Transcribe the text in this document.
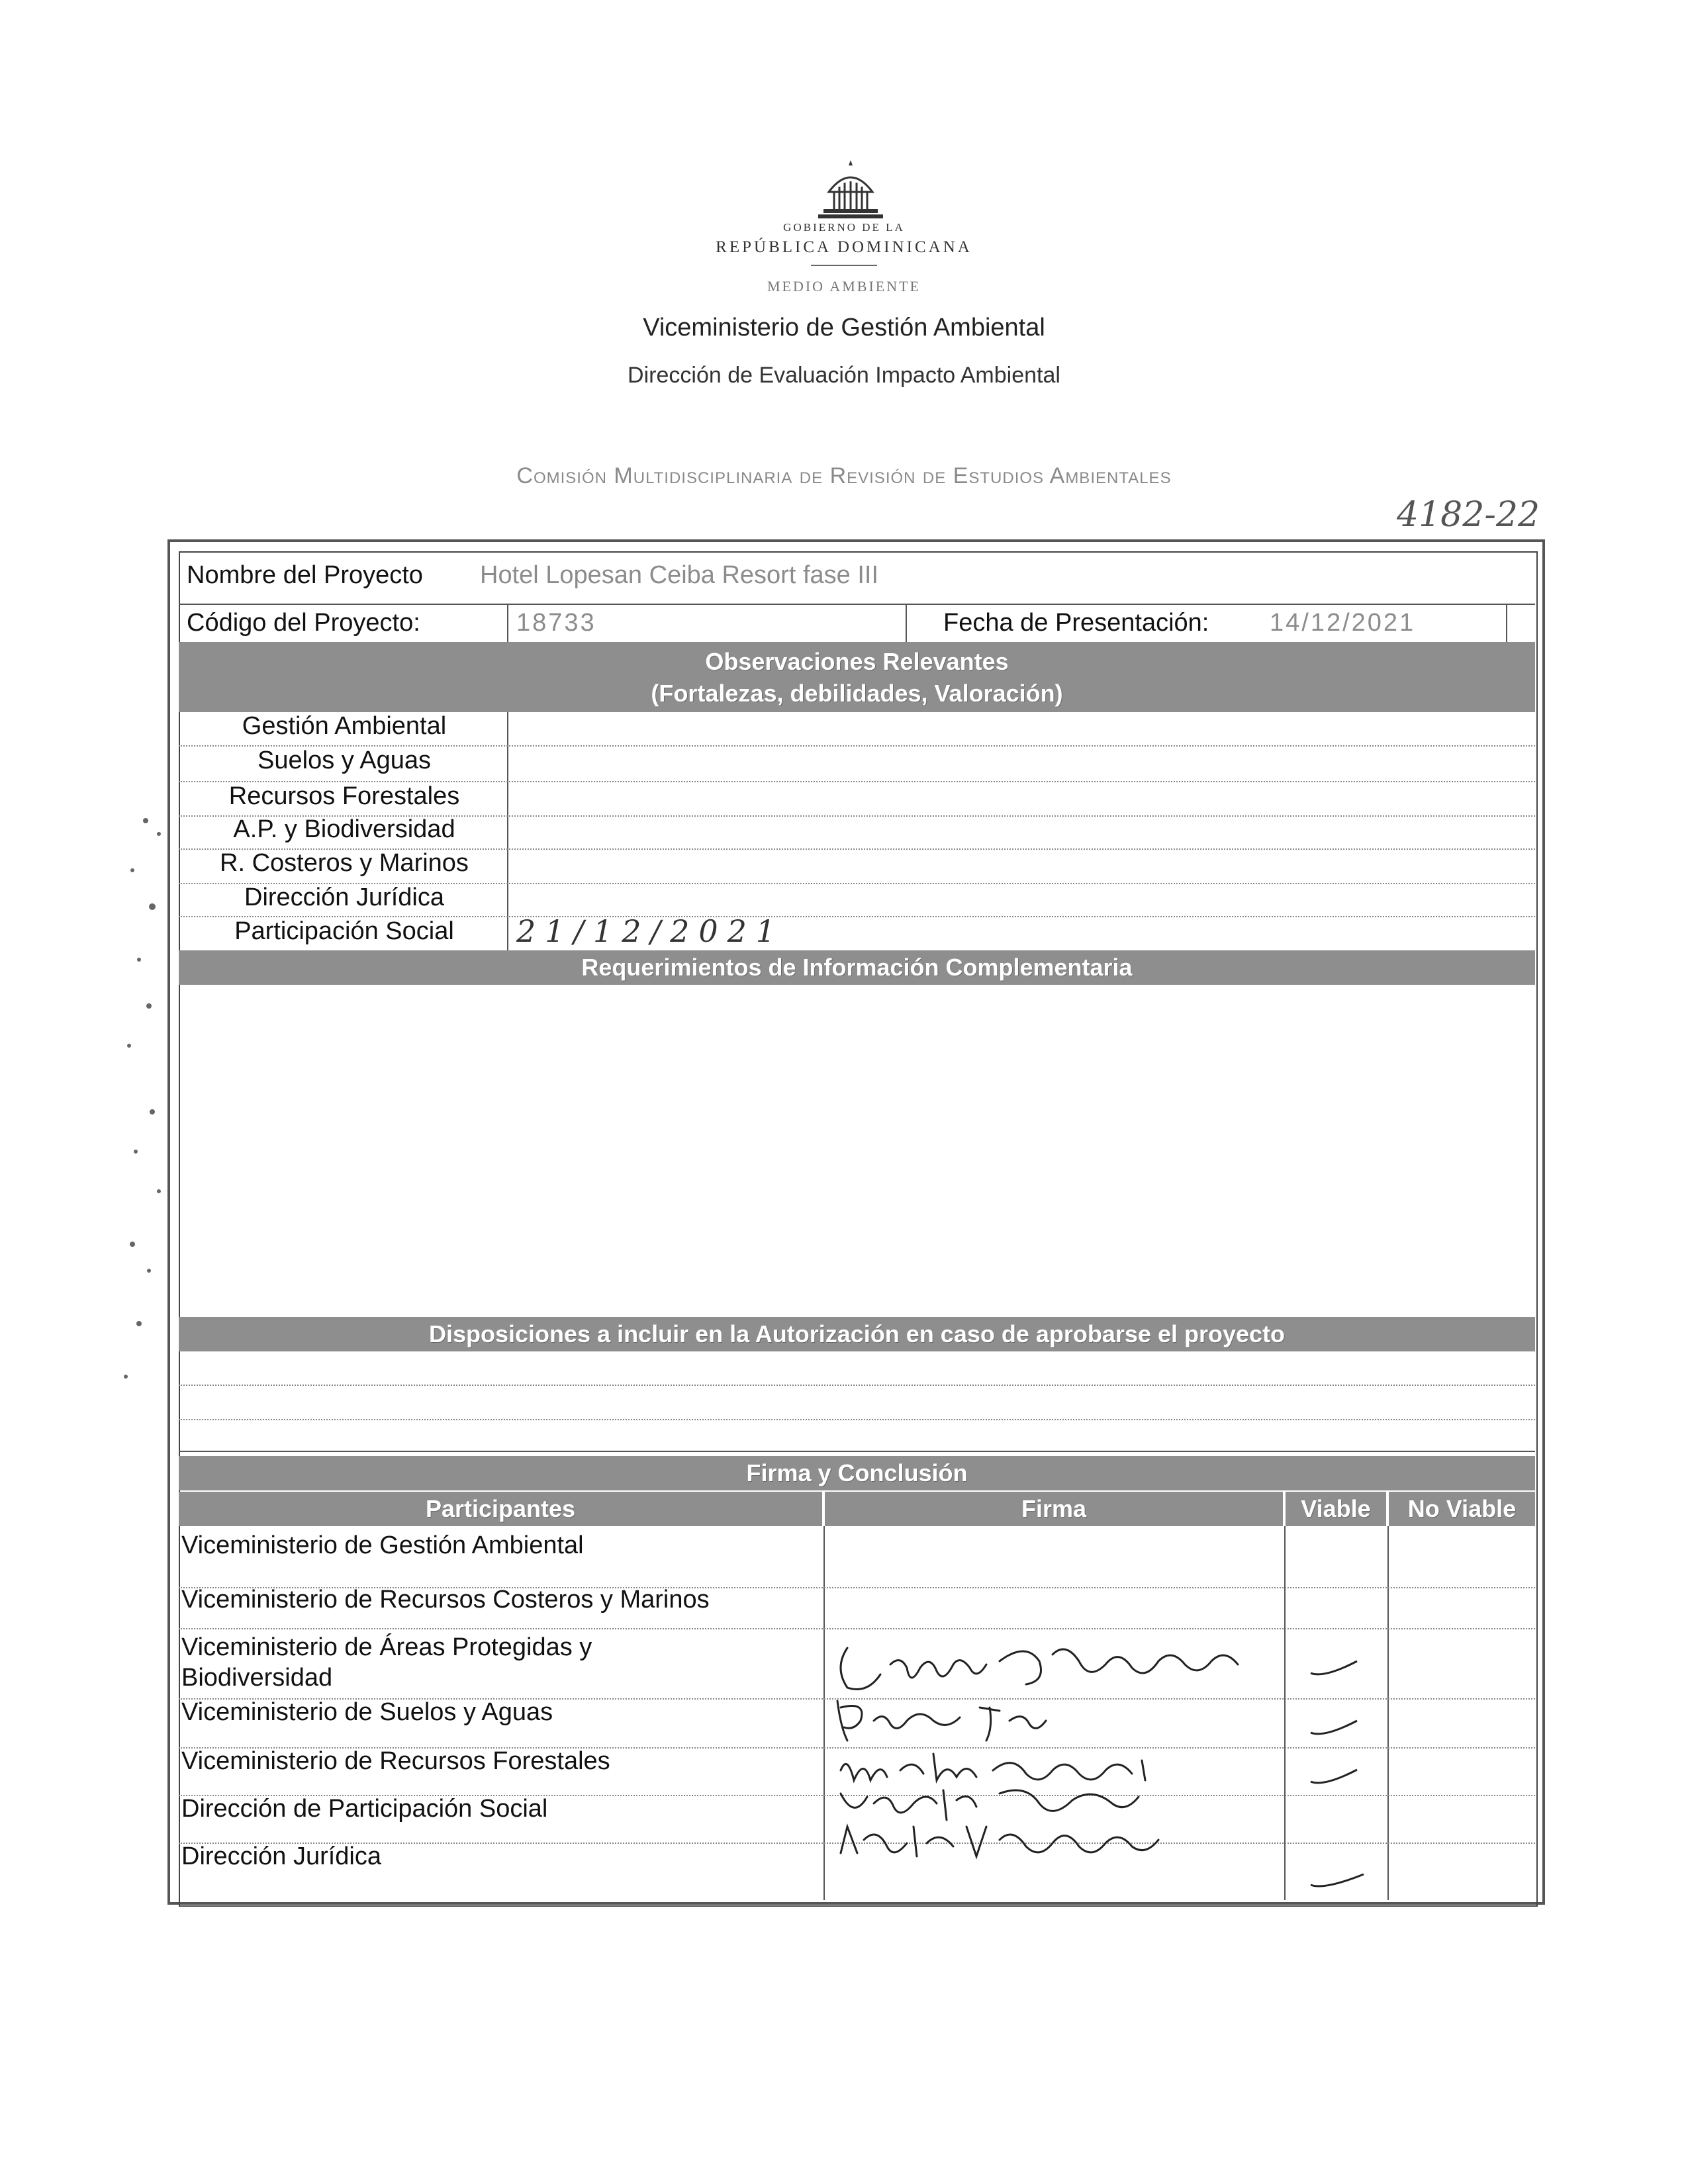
GOBIERNO DE LA
REPÚBLICA DOMINICANA
MEDIO AMBIENTE
Viceministerio de Gestión Ambiental
Dirección de Evaluación Impacto Ambiental
Comisión Multidisciplinaria de Revisión de Estudios Ambientales
4182-22
Nombre del Proyecto Hotel Lopesan Ceiba Resort fase III
Código del Proyecto:	18733	Fecha de Presentación: 14/12/2021
Observaciones Relevantes
(Fortalezas, debilidades, Valoración)
Gestión Ambiental
Suelos y Aguas
Recursos Forestales
A.P. y Biodiversidad
R. Costeros y Marinos
Dirección Jurídica
Participación Social	21/12/2021
Requerimientos de Información Complementaria
Disposiciones a incluir en la Autorización en caso de aprobarse el proyecto
Firma y Conclusión
Participantes	Firma	Viable	No Viable
Viceministerio de Gestión Ambiental
Viceministerio de Recursos Costeros y Marinos
Viceministerio de Áreas Protegidas y Biodiversidad
Viceministerio de Suelos y Aguas
Viceministerio de Recursos Forestales
Dirección de Participación Social
Dirección Jurídica
